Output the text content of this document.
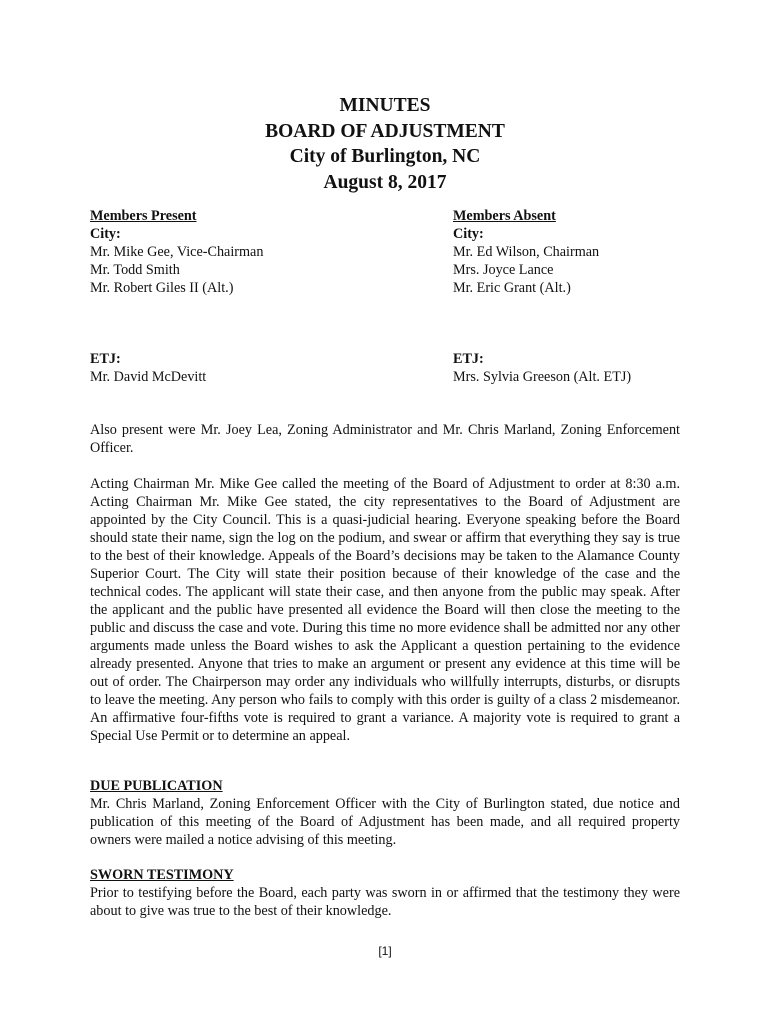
MINUTES
BOARD OF ADJUSTMENT
City of Burlington, NC
August 8, 2017
Members Present
City:
Mr. Mike Gee, Vice-Chairman
Mr. Todd Smith
Mr. Robert Giles II (Alt.)
Members Absent
City:
Mr. Ed Wilson, Chairman
Mrs. Joyce Lance
Mr. Eric Grant (Alt.)
ETJ:
Mr. David McDevitt
ETJ:
Mrs. Sylvia Greeson (Alt. ETJ)

Also present were Mr. Joey Lea, Zoning Administrator and Mr. Chris Marland, Zoning Enforcement Officer.

Acting Chairman Mr. Mike Gee called the meeting of the Board of Adjustment to order at 8:30 a.m. Acting Chairman Mr. Mike Gee stated, the city representatives to the Board of Adjustment are appointed by the City Council. This is a quasi-judicial hearing. Everyone speaking before the Board should state their name, sign the log on the podium, and swear or affirm that everything they say is true to the best of their knowledge. Appeals of the Board’s decisions may be taken to the Alamance County Superior Court. The City will state their position because of their knowledge of the case and the technical codes. The applicant will state their case, and then anyone from the public may speak. After the applicant and the public have presented all evidence the Board will then close the meeting to the public and discuss the case and vote. During this time no more evidence shall be admitted nor any other arguments made unless the Board wishes to ask the Applicant a question pertaining to the evidence already presented. Anyone that tries to make an argument or present any evidence at this time will be out of order. The Chairperson may order any individuals who willfully interrupts, disturbs, or disrupts to leave the meeting. Any person who fails to comply with this order is guilty of a class 2 misdemeanor. An affirmative four-fifths vote is required to grant a variance. A majority vote is required to grant a Special Use Permit or to determine an appeal.

DUE PUBLICATION
Mr. Chris Marland, Zoning Enforcement Officer with the City of Burlington stated, due notice and publication of this meeting of the Board of Adjustment has been made, and all required property owners were mailed a notice advising of this meeting.
SWORN TESTIMONY
Prior to testifying before the Board, each party was sworn in or affirmed that the testimony they were about to give was true to the best of their knowledge.
[1]
